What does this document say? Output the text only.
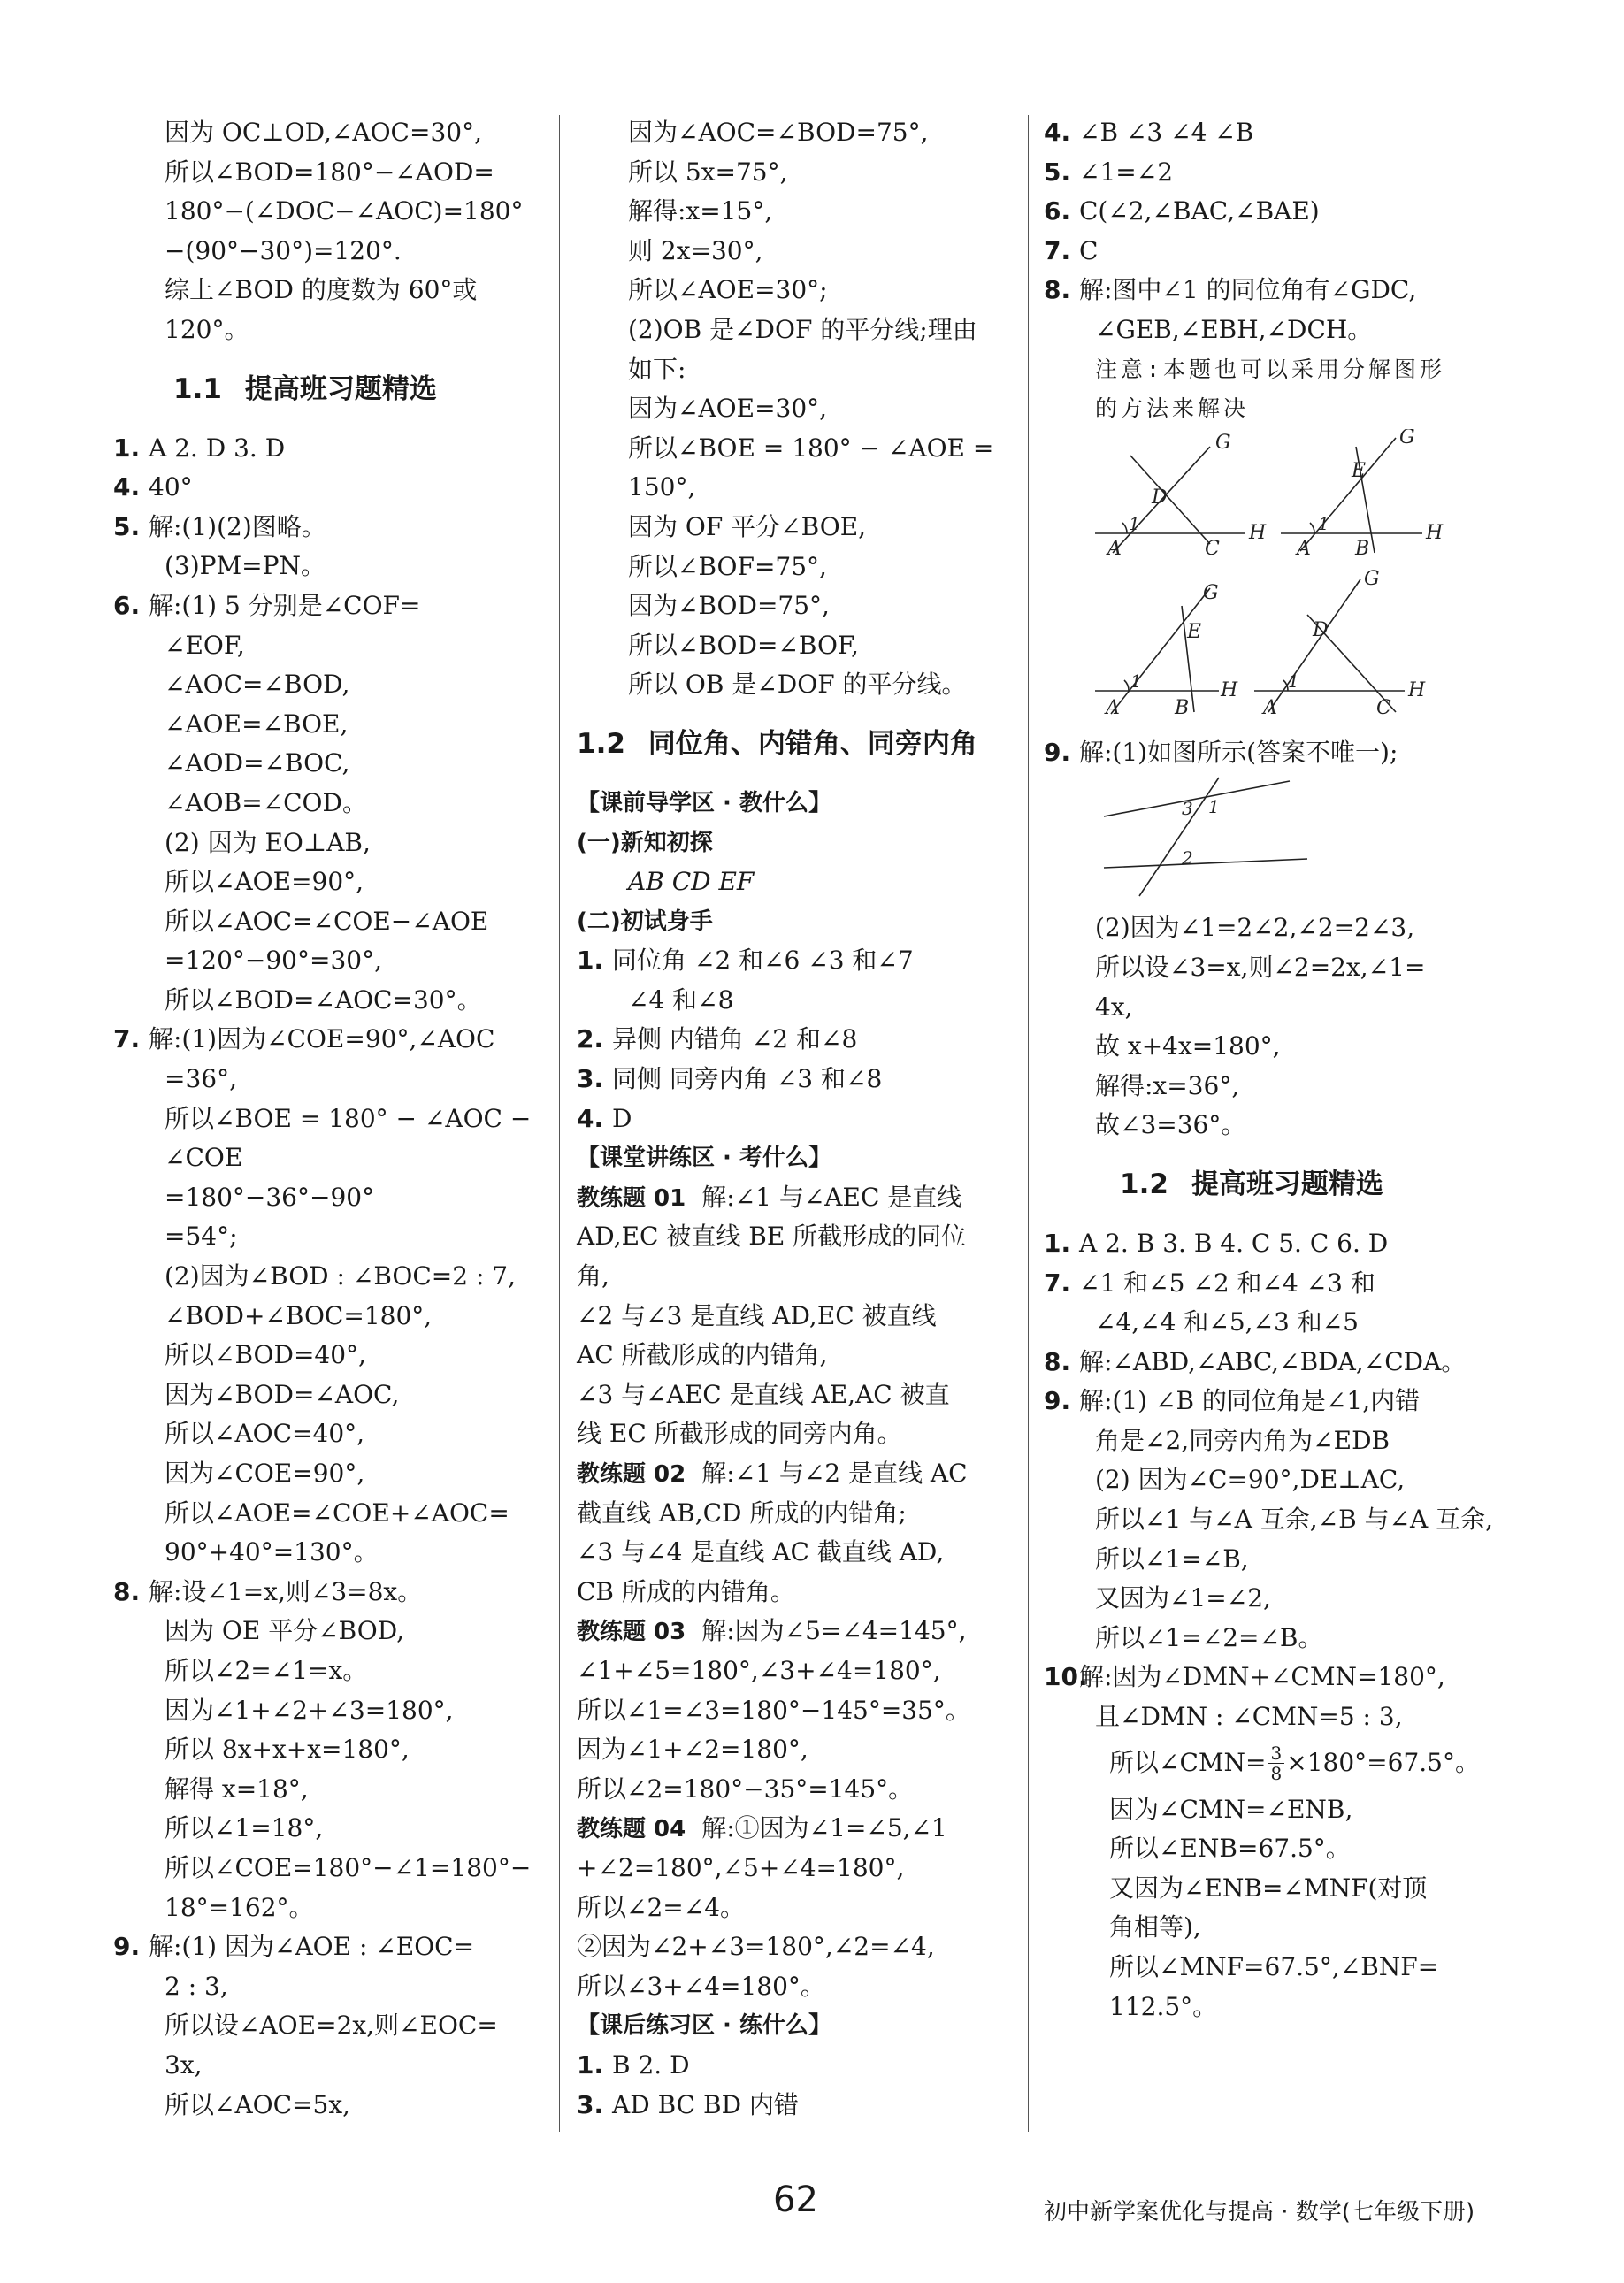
因为 OC⊥OD,∠AOC=30°,
所以∠BOD=180°−∠AOD=
180°−(∠DOC−∠AOC)=180°
−(90°−30°)=120°.
综上∠BOD 的度数为 60°或
120°。
1.1 提高班习题精选
1. A 2. D 3. D
4. 40°
5. 解:(1)(2)图略。
(3)PM=PN。
6. 解:(1) 5 分别是∠COF=
∠EOF,
∠AOC=∠BOD,
∠AOE=∠BOE,
∠AOD=∠BOC,
∠AOB=∠COD。
(2) 因为 EO⊥AB,
所以∠AOE=90°,
所以∠AOC=∠COE−∠AOE
=120°−90°=30°,
所以∠BOD=∠AOC=30°。
7. 解:(1)因为∠COE=90°,∠AOC
=36°,
所以∠BOE = 180° − ∠AOC −
∠COE
=180°−36°−90°
=54°;
(2)因为∠BOD : ∠BOC=2 : 7,
∠BOD+∠BOC=180°,
所以∠BOD=40°,
因为∠BOD=∠AOC,
所以∠AOC=40°,
因为∠COE=90°,
所以∠AOE=∠COE+∠AOC=
90°+40°=130°。
8. 解:设∠1=x,则∠3=8x。
因为 OE 平分∠BOD,
所以∠2=∠1=x。
因为∠1+∠2+∠3=180°,
所以 8x+x+x=180°,
解得 x=18°,
所以∠1=18°,
所以∠COE=180°−∠1=180°−
18°=162°。
9. 解:(1) 因为∠AOE : ∠EOC=
2 : 3,
所以设∠AOE=2x,则∠EOC=
3x,
所以∠AOC=5x,
因为∠AOC=∠BOD=75°,
所以 5x=75°,
解得:x=15°,
则 2x=30°,
所以∠AOE=30°;
(2)OB 是∠DOF 的平分线;理由
如下:
因为∠AOE=30°,
所以∠BOE = 180° − ∠AOE =
150°,
因为 OF 平分∠BOE,
所以∠BOF=75°,
因为∠BOD=75°,
所以∠BOD=∠BOF,
所以 OB 是∠DOF 的平分线。
1.2 同位角、内错角、同旁内角
【课前导学区 · 教什么】
(一)新知初探
AB CD EF
(二)初试身手
1. 同位角 ∠2 和∠6 ∠3 和∠7
∠4 和∠8
2. 异侧 内错角 ∠2 和∠8
3. 同侧 同旁内角 ∠3 和∠8
4. D
【课堂讲练区 · 考什么】
教练题 01 解:∠1 与∠AEC 是直线
AD,EC 被直线 BE 所截形成的同位
角,
∠2 与∠3 是直线 AD,EC 被直线
AC 所截形成的内错角,
∠3 与∠AEC 是直线 AE,AC 被直
线 EC 所截形成的同旁内角。
教练题 02 解:∠1 与∠2 是直线 AC
截直线 AB,CD 所成的内错角;
∠3 与∠4 是直线 AC 截直线 AD,
CB 所成的内错角。
教练题 03 解:因为∠5=∠4=145°,
∠1+∠5=180°,∠3+∠4=180°,
所以∠1=∠3=180°−145°=35°。
因为∠1+∠2=180°,
所以∠2=180°−35°=145°。
教练题 04 解:①因为∠1=∠5,∠1
+∠2=180°,∠5+∠4=180°,
所以∠2=∠4。
②因为∠2+∠3=180°,∠2=∠4,
所以∠3+∠4=180°。
【课后练习区 · 练什么】
1. B 2. D
3. AD BC BD 内错
4. ∠B ∠3 ∠4 ∠B
5. ∠1=∠2
6. C(∠2,∠BAC,∠BAE)
7. C
8. 解:图中∠1 的同位角有∠GDC,
∠GEB,∠EBH,∠DCH。
注意:本题也可以采用分解图形
的方法来解决
G
H
D
1
A	C
G
H
E
1
A B
G
H
E
1
A	B
G
H
D
1
A	C
9. 解:(1)如图所示(答案不唯一);
3 1
2
(2)因为∠1=2∠2,∠2=2∠3,
所以设∠3=x,则∠2=2x,∠1=
4x,
故 x+4x=180°,
解得:x=36°,
故∠3=36°。
1.2 提高班习题精选
1. A 2. B 3. B 4. C 5. C 6. D
7. ∠1 和∠5 ∠2 和∠4 ∠3 和
∠4,∠4 和∠5,∠3 和∠5
8. 解:∠ABD,∠ABC,∠BDA,∠CDA。
9. 解:(1) ∠B 的同位角是∠1,内错
角是∠2,同旁内角为∠EDB
(2) 因为∠C=90°,DE⊥AC,
所以∠1 与∠A 互余,∠B 与∠A 互余,
所以∠1=∠B,
又因为∠1=∠2,
所以∠1=∠2=∠B。
10.解:因为∠DMN+∠CMN=180°,
且∠DMN : ∠CMN=5 : 3,
所以∠CMN= $\frac{3}{8} \times 180^\circ=67.5^\circ$。
因为∠CMN=∠ENB,
所以∠ENB=67.5°。
又因为∠ENB=∠MNF(对顶
角相等),
所以∠MNF=67.5°,∠BNF=
112.5°。
62	初中新学案优化与提高 · 数学(七年级下册)
